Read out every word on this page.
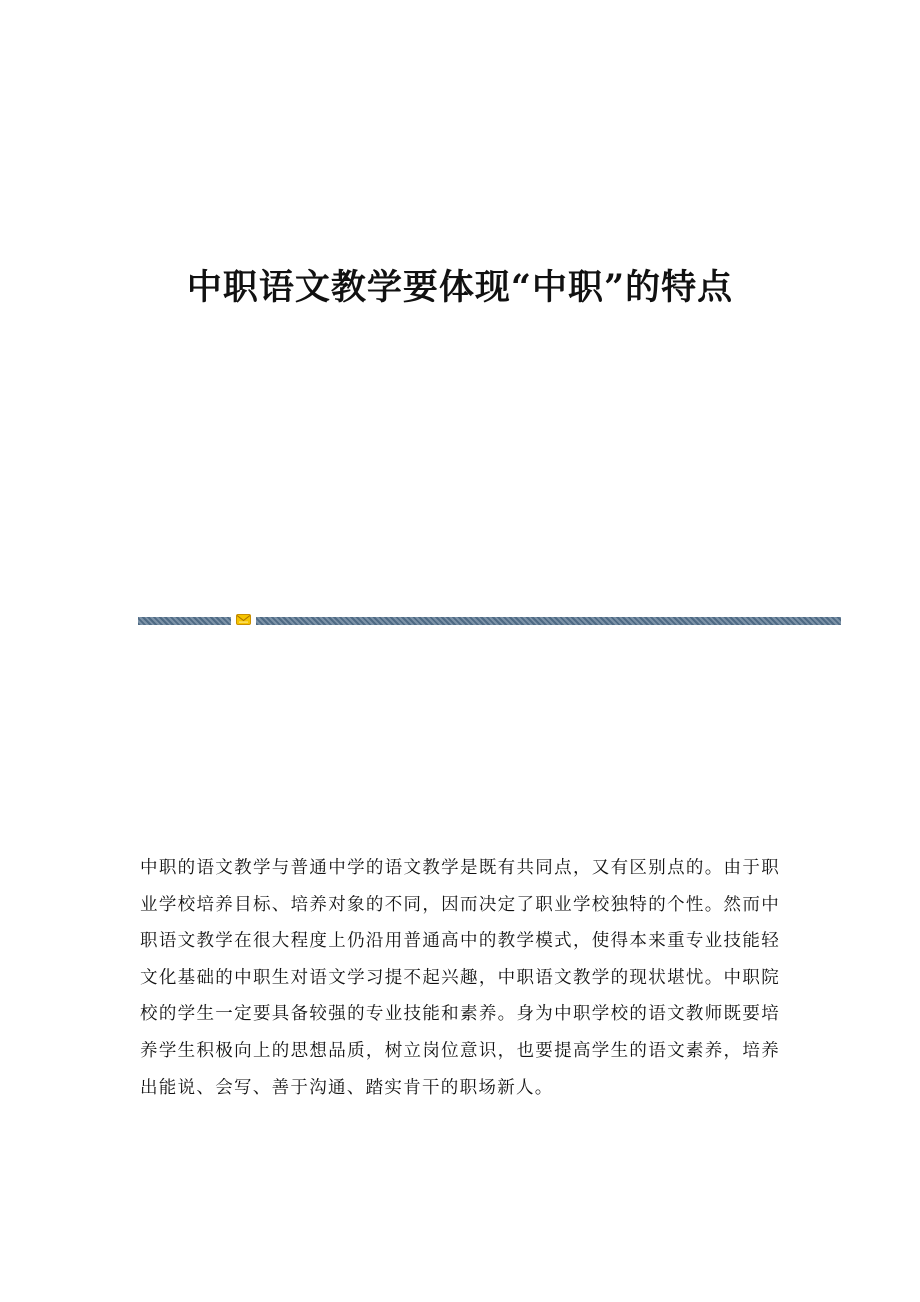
中职语文教学要体现“中职”的特点
中职的语文教学与普通中学的语文教学是既有共同点，又有区别点的。由于职业学校培养目标、培养对象的不同，因而决定了职业学校独特的个性。然而中职语文教学在很大程度上仍沿用普通高中的教学模式，使得本来重专业技能轻文化基础的中职生对语文学习提不起兴趣，中职语文教学的现状堪忧。中职院校的学生一定要具备较强的专业技能和素养。身为中职学校的语文教师既要培养学生积极向上的思想品质，树立岗位意识，也要提高学生的语文素养，培养出能说、会写、善于沟通、踏实肯干的职场新人。
